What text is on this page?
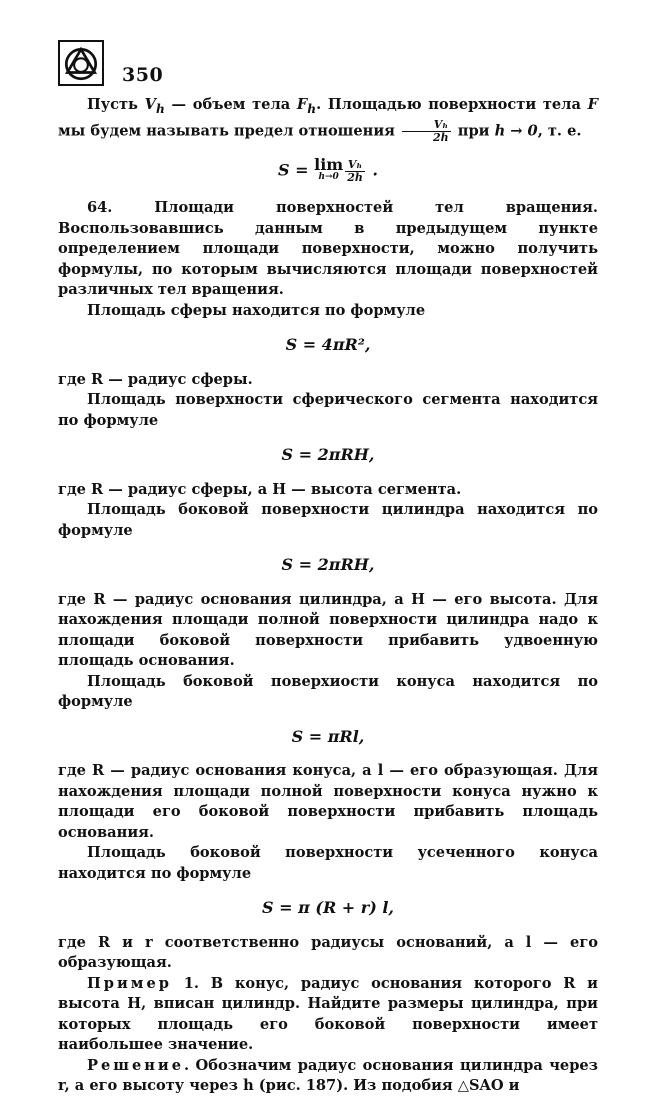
350

Пусть $V_h$ — объем тела $F_h$. Площадью поверхности тела F мы будем называть предел отношения $\frac{\text{Vₕ}}{2h}$ при h → 0, т. е.

S = lim
$h\to 0 \frac{\text{Vₕ}}{2h}$ .

64. Площади поверхностей тел вращения. Воспользовавшись данным в предыдущем пункте определением площади поверхности, можно получить формулы, по которым вычисляются площади поверхностей различных тел вращения.

Площадь сферы находится по формуле

S = 4πR²,

где R — радиус сферы.

Площадь поверхности сферического сегмента находится по формуле

S = 2πRH,

где R — радиус сферы, а H — высота сегмента.

Площадь боковой поверхности цилиндра находится по формуле

S = 2πRH,

где R — радиус основания цилиндра, а H — его высота. Для нахождения площади полной поверхности цилиндра надо к площади боковой поверхности прибавить удвоенную площадь основания.

Площадь боковой поверхиости конуса находится по формуле

S = πRl,

где R — радиус основания конуса, а l — его образующая. Для нахождения площади полной поверхности конуса нужно к площади его боковой поверхности прибавить площадь основания.

Площадь боковой поверхности усеченного конуса находится по формуле

S = π (R + r) l,

где R и r соответственно радиусы оснований, а l — его образующая.

Пример 1. В конус, радиус основания которого R и высота H, вписан цилиндр. Найдите размеры цилиндра, при которых площадь его боковой поверхности имеет наибольшее значение.

Решение. Обозначим радиус основания цилиндра через r, а его высоту через h (рис. 187). Из подобия △SAO и
